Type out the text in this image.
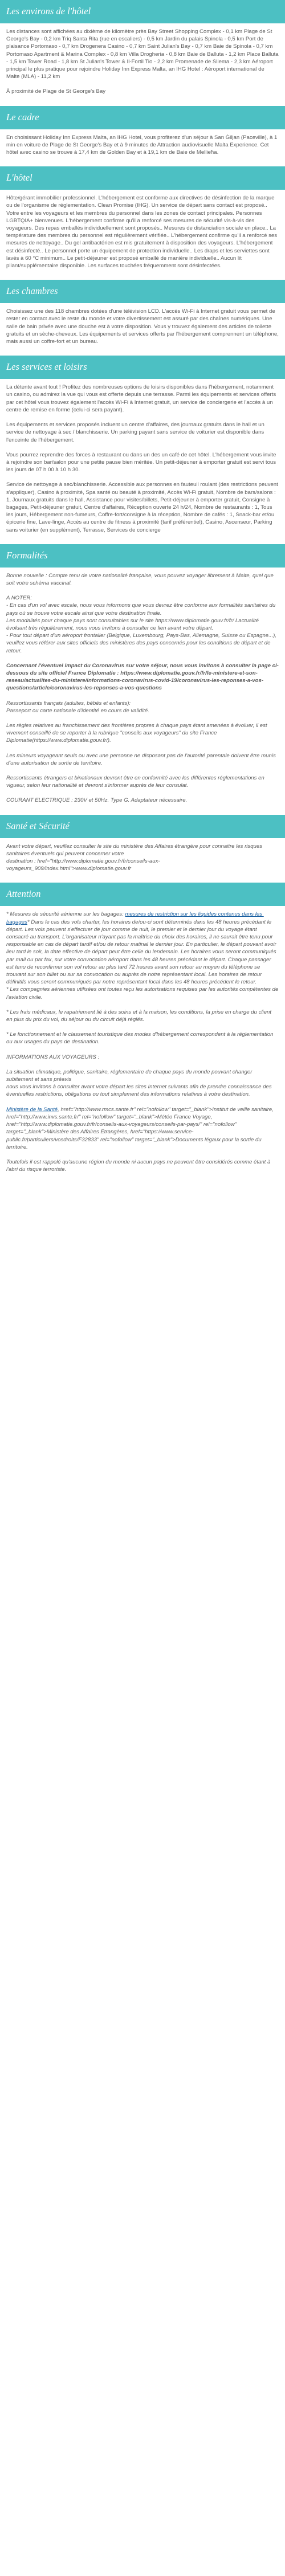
Les environs de l'hôtel
Les distances sont affichées au dixième de kilomètre près Bay Street Shopping Complex - 0,1 km Plage de St George's Bay - 0,2 km Triq Santa Rita (rue en escaliers) - 0,5 km Jardin du palais Spinola - 0,5 km Port de plaisance Portomaso - 0,7 km Drogenera Casino - 0,7 km Saint Julian's Bay - 0,7 km Baie de Spinola - 0,7 km Portomaso Apartment & Marina Complex - 0,8 km Villa Drogheria - 0,8 km Baie de Balluta - 1,2 km Place Balluta - 1,5 km Tower Road - 1,8 km St Julian's Tower & Il-Fortil Tio - 2,2 km Promenade de Sliema - 2,3 km Aéroport principal le plus pratique pour rejoindre Holiday Inn Express Malta, an IHG Hotel : Aéroport international de Malte (MLA) - 11,2 km
À proximité de Plage de St George's Bay
Le cadre
En choisissant Holiday Inn Express Malta, an IHG Hotel, vous profiterez d'un séjour à San Ġiljan (Paceville), à 1 min en voiture de Plage de St George's Bay et à 9 minutes de Attraction audiovisuelle Malta Experience. Cet hôtel avec casino se trouve à 17,4 km de Golden Bay et à 19,1 km de Baie de Mellieħa.
L'hôtel
Hôte/gérant immobilier professionnel. L'hébergement est conforme aux directives de désinfection de la marque ou de l'organisme de réglementation. Clean Promise (IHG). Un service de départ sans contact est proposé.. Votre entre les voyageurs et les membres du personnel dans les zones de contact principales. Personnes LGBTQIA+ bienvenues. L'hébergement confirme qu'il a renforcé ses mesures de sécurité vis-à-vis des voyageurs. Des repas emballés individuellement sont proposés.. Mesures de distanciation sociale en place.. La température des membres du personnel est régulièrement vérifiée.. L'hébergement confirme qu'il a renforcé ses mesures de nettoyage.. Du gel antibactérien est mis gratuitement à disposition des voyageurs. L'hébergement est désinfecté.. Le personnel porte un équipement de protection individuelle.. Les draps et les serviettes sont lavés à 60 °C minimum.. Le petit-déjeuner est proposé emballé de manière individuelle.. Aucun lit pliant/supplémentaire disponible. Les surfaces touchées fréquemment sont désinfectées.
Les chambres
Choisissez une des 118 chambres dotées d'une télévision LCD. L'accès Wi-Fi à Internet gratuit vous permet de rester en contact avec le reste du monde et votre divertissement est assuré par des chaînes numériques. Une salle de bain privée avec une douche est à votre disposition. Vous y trouvez également des articles de toilette gratuits et un sèche-cheveux. Les équipements et services offerts par l'hébergement comprennent un téléphone, mais aussi un coffre-fort et un bureau.
Les services et loisirs
La détente avant tout ! Profitez des nombreuses options de loisirs disponibles dans l'hébergement, notamment un casino, ou admirez la vue qui vous est offerte depuis une terrasse. Parmi les équipements et services offerts par cet hôtel vous trouvez également l'accès Wi-Fi à Internet gratuit, un service de conciergerie et l'accès à un centre de remise en forme (celui-ci sera payant).
Les équipements et services proposés incluent un centre d'affaires, des journaux gratuits dans le hall et un service de nettoyage à sec / blanchisserie. Un parking payant sans service de voiturier est disponible dans l'enceinte de l'hébergement.
Vous pourrez reprendre des forces à restaurant ou dans un des un café de cet hôtel. L'hébergement vous invite à rejoindre son bar/salon pour une petite pause bien méritée. Un petit-déjeuner à emporter gratuit est servi tous les jours de 07 h 00 à 10 h 30.
Service de nettoyage à sec/blanchisserie. Accessible aux personnes en fauteuil roulant (des restrictions peuvent s'appliquer), Casino à proximité, Spa santé ou beauté à proximité, Accès Wi-Fi gratuit, Nombre de bars/salons : 1, Journaux gratuits dans le hall, Assistance pour visites/billets, Petit-déjeuner à emporter gratuit, Consigne à bagages, Petit-déjeuner gratuit, Centre d'affaires, Réception ouverte 24 h/24, Nombre de restaurants : 1, Tous les jours, Hébergement non-fumeurs, Coffre-fort/consigne à la réception, Nombre de cafés : 1, Snack-bar et/ou épicerie fine, Lave-linge, Accès au centre de fitness à proximité (tarif préférentiel), Casino, Ascenseur, Parking sans voiturier (en supplément), Terrasse, Services de concierge
Formalités
Bonne nouvelle : Compte tenu de votre nationalité française, vous pouvez voyager librement à Malte, quel que soit votre schéma vaccinal.
A NOTER:
- En cas d'un vol avec escale, nous vous informons que vous devrez être conforme aux formalités sanitaires du pays où se trouve votre escale ainsi que votre destination finale.
Les modalités pour chaque pays sont consultables sur le site https://www.diplomatie.gouv.fr/fr/ Lactualité évoluant très régulièrement, nous vous invitons à consulter ce lien avant votre départ.
- Pour tout départ d'un aéroport frontalier (Belgique, Luxembourg, Pays-Bas, Allemagne, Suisse ou Espagne...), veuillez vous référer aux sites officiels des ministères des pays concernés pour les conditions de départ et de retour.
Concernant l'éventuel impact du Coronavirus sur votre séjour, nous vous invitons à consulter la page ci-dessous du site officiel France Diplomatie : https://www.diplomatie.gouv.fr/fr/le-ministere-et-son-reseau/actualites-du-ministere/informations-coronavirus-covid-19/coronavirus-les-reponses-a-vos-questions/article/coronavirus-les-reponses-a-vos-questions
Ressortissants français (adultes, bébés et enfants):
Passeport ou carte nationale d'identité en cours de validité.
Les règles relatives au franchissement des frontières propres à chaque pays étant amenées à évoluer, il est vivement conseillé de se reporter à la rubrique "conseils aux voyageurs" du site France Diplomatie(https://www.diplomatie.gouv.fr/).
Les mineurs voyageant seuls ou avec une personne ne disposant pas de l'autorité parentale doivent être munis d'une autorisation de sortie de territoire.
Ressortissants étrangers et binationaux devront être en conformité avec les différentes réglementations en vigueur, selon leur nationalité et devront s'informer auprès de leur consulat.
COURANT ELECTRIQUE : 230V et 50Hz. Type G. Adaptateur nécessaire.
Santé et Sécurité
Avant votre départ, veuillez consulter le site du ministère des Affaires étrangère pour connaitre les risques sanitaires éventuels qui peuvent concerner votre
destination : href="http://www.diplomatie.gouv.fr/fr/conseils-aux-voyageurs_909/index.html">www.diplomatie.gouv.fr
Attention
* Mesures de sécurité aérienne sur les bagages: mesures de restriction sur les liquides contenus dans les bagages* Dans le cas des vols charter, les horaires de/ou-ci sont déterminés dans les 48 heures précédant le départ. Les vols peuvent s'effectuer de jour comme de nuit, le premier et le dernier jour du voyage étant consacré au transport. L'organisateur n'ayant pas la maîtrise du choix des horaires, il ne saurait être tenu pour responsable en cas de départ tardif et/ou de retour matinal le dernier jour. En particulier, le départ pouvant avoir lieu tard le soir, la date effective de départ peut être celle du lendemain. Les horaires vous seront communiqués par mail ou par fax, sur votre convocation aéroport dans les 48 heures précédant le départ. Chaque passager est tenu de reconfirmer son vol retour au plus tard 72 heures avant son retour au moyen du téléphone se trouvant sur son billet ou sur sa convocation ou auprès de notre représentant local. Les horaires de retour définitifs vous seront communiqués par notre représentant local dans les 48 heures précédent le retour.
* Les compagnies aériennes utilisées ont toutes reçu les autorisations requises par les autorités compétentes de l'aviation civile.
* Les frais médicaux, le rapatriement lié à des soins et à la maison, les conditions, la prise en charge du client en plus du prix du vol, du séjour ou du circuit déjà réglés.
* Le fonctionnement et le classement touristique des modes d'hébergement correspondent à la réglementation ou aux usages du pays de destination.
INFORMATIONS AUX VOYAGEURS :
La situation climatique, politique, sanitaire, réglementaire de chaque pays du monde pouvant changer subitement et sans préavis
nous vous invitons à consulter avant votre départ les sites Internet suivants afin de prendre connaissance des éventuelles restrictions, obligations ou tout simplement des informations relatives à votre destination.
Ministère de la Santé, href="http://www.rmcs.sante.fr" rel="nofollow" target="_blank">Institut de veille sanitaire, href="http://www.invs.sante.fr/" rel="nofollow" target="_blank">Météo France Voyage, href="http://www.diplomatie.gouv.fr/fr/conseils-aux-voyageurs/conseils-par-pays/" rel="nofollow" target="_blank">Ministère des Affaires Étrangères, href="https://www.service-public.fr/particuliers/vosdroits/F32833" rel="nofollow" target="_blank">Documents légaux pour la sortie du territoire.
Toutefois il est rappelé qu'aucune région du monde ni aucun pays ne peuvent être considérés comme étant à l'abri du risque terroriste.
